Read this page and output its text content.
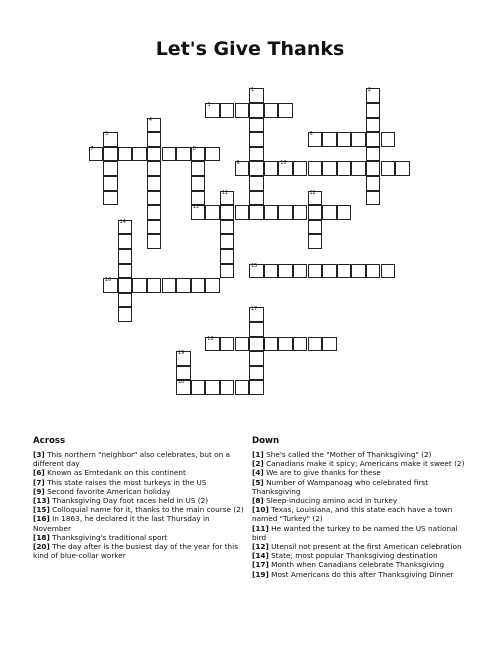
Let's Give Thanks
1	2
3
4
5	6
7	8
13
9	10
11	12
14
15
16
17
18
19
20
Across
[3] This northern "neighbor" also celebrates, but on a different day
[6] Known as Erntedank on this continent
[7] This state raises the most turkeys in the US
[9] Second favorite American holiday
[13] Thanksgiving Day foot races held in US (2)
[15] Colloquial name for it, thanks to the main course (2)
[16] In 1863, he declared it the last Thursday in November
[18] Thanksgiving's traditional sport
[20] The day after is the busiest day of the year for this kind of blue-collar worker
Down
[1] She's called the "Mother of Thanksgiving" (2)
[2] Canadians make it spicy; Americans make it sweet (2)
[4] We are to give thanks for these
[5] Number of Wampanoag who celebrated first Thanksgiving
[8] Sleep-inducing amino acid in turkey
[10] Texas, Louisiana, and this state each have a town named "Turkey" (2)
[11] He wanted the turkey to be named the US national bird
[12] Utensil not present at the first American celebration
[14] State; most popular Thanksgiving destination
[17] Month when Canadians celebrate Thanksgiving
[19] Most Americans do this after Thanksgiving Dinner
